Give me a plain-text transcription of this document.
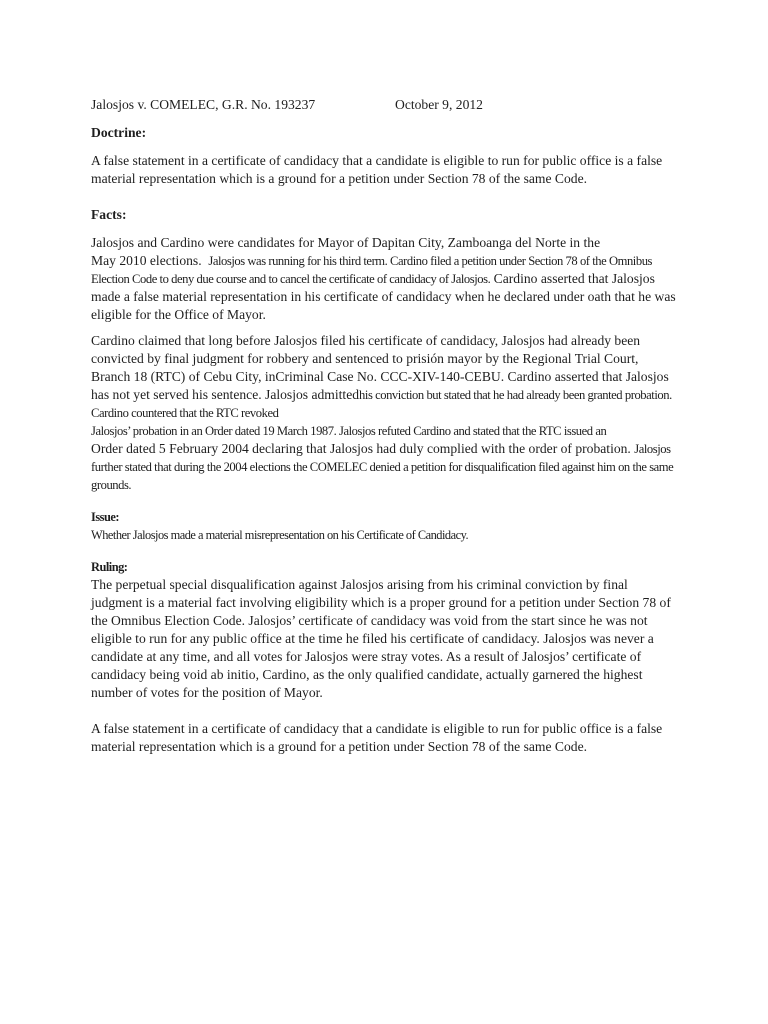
Jalosjos v. COMELEC, G.R. No. 193237	October 9, 2012

Doctrine:

A false statement in a certificate of candidacy that a candidate is eligible to run for public office is a false material representation which is a ground for a petition under Section 78 of the same Code.

Facts:

Jalosjos and Cardino were candidates for Mayor of Dapitan City, Zamboanga del Norte in the
May 2010 elections. Jalosjos was running for his third term. Cardino filed a petition under Section 78 of the Omnibus Election Code to deny due course and to cancel the certificate of candidacy of Jalosjos. Cardino asserted that Jalosjos made a false material representation in his certificate of candidacy when he declared under oath that he was eligible for the Office of Mayor.

Cardino claimed that long before Jalosjos filed his certificate of candidacy, Jalosjos had already been convicted by final judgment for robbery and sentenced to prisión mayor by the Regional Trial Court, Branch 18 (RTC) of Cebu City, inCriminal Case No. CCC-XIV-140-CEBU. Cardino asserted that Jalosjos has not yet served his sentence. Jalosjos admittedhis conviction but stated that he had already been granted probation. Cardino countered that the RTC revoked
Jalosjos’ probation in an Order dated 19 March 1987. Jalosjos refuted Cardino and stated that the RTC issued an
Order dated 5 February 2004 declaring that Jalosjos had duly complied with the order of probation. Jalosjos further stated that during the 2004 elections the COMELEC denied a petition for disqualification filed against him on the same grounds.

Issue:

Whether Jalosjos made a material misrepresentation on his Certificate of Candidacy.

Ruling:

The perpetual special disqualification against Jalosjos arising from his criminal conviction by final judgment is a material fact involving eligibility which is a proper ground for a petition under Section 78 of the Omnibus Election Code. Jalosjos’ certificate of candidacy was void from the start since he was not eligible to run for any public office at the time he filed his certificate of candidacy. Jalosjos was never a candidate at any time, and all votes for Jalosjos were stray votes. As a result of Jalosjos’ certificate of candidacy being void ab initio, Cardino, as the only qualified candidate, actually garnered the highest number of votes for the position of Mayor.

A false statement in a certificate of candidacy that a candidate is eligible to run for public office is a false material representation which is a ground for a petition under Section 78 of the same Code.
